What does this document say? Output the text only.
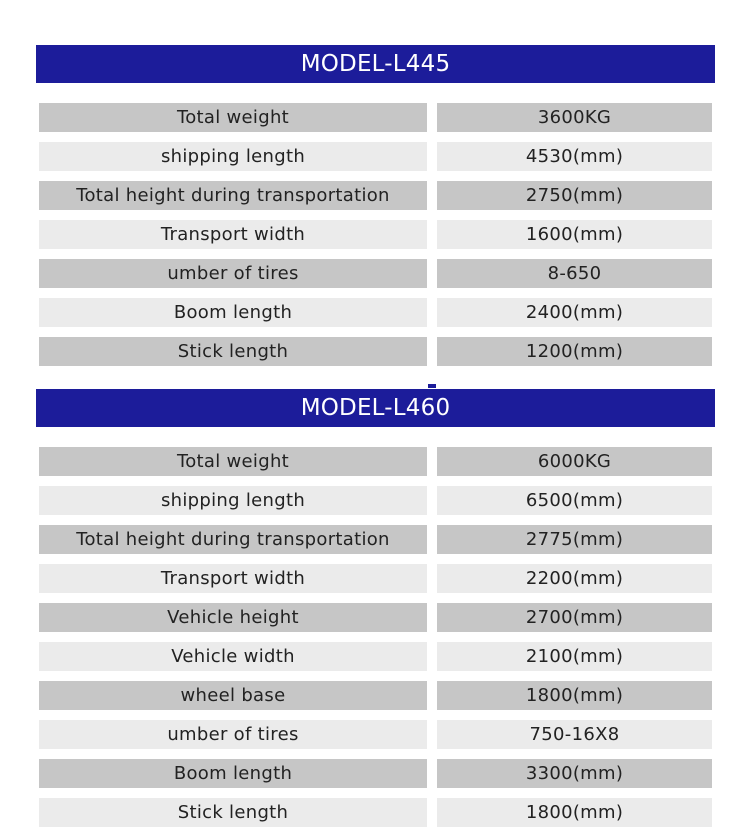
MODEL-L445
Total weight	3600KG
shipping length	4530(mm)
Total height during transportation	2750(mm)
Transport width	1600(mm)
umber of tires	8-650
Boom length	2400(mm)
Stick length	1200(mm)
MODEL-L460
Total weight	6000KG
shipping length	6500(mm)
Total height during transportation	2775(mm)
Transport width	2200(mm)
Vehicle height	2700(mm)
Vehicle width	2100(mm)
wheel base	1800(mm)
umber of tires	750-16X8
Boom length	3300(mm)
Stick length	1800(mm)
